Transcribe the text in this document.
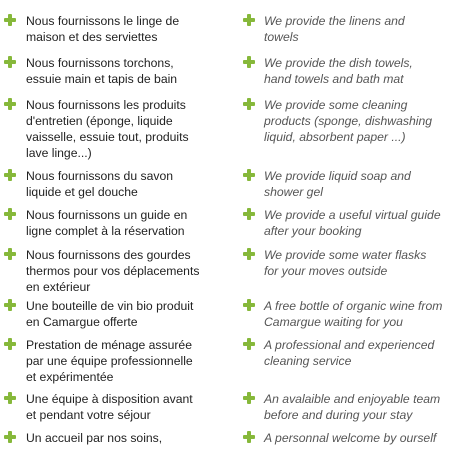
Nous fournissons le linge de
maison et des serviettes
We provide the linens and
towels
Nous fournissons torchons,
essuie main et tapis de bain
We provide the dish towels,
hand towels and bath mat
Nous fournissons les produits
d'entretien (éponge, liquide
vaisselle, essuie tout, produits
lave linge...)
We provide some cleaning
products (sponge, dishwashing
liquid, absorbent paper ...)
Nous fournissons du savon
liquide et gel douche
We provide liquid soap and
shower gel
Nous fournissons un guide en
ligne complet à la réservation
We provide a useful virtual guide
after your booking
Nous fournissons des gourdes
thermos pour vos déplacements
en extérieur
We provide some water flasks
for your moves outside
Une bouteille de vin bio produit
en Camargue offerte
A free bottle of organic wine from
Camargue waiting for you
Prestation de ménage assurée
par une équipe professionnelle
et expérimentée
A professional and experienced
cleaning service
Une équipe à disposition avant
et pendant votre séjour
An avalaible and enjoyable team
before and during your stay
Un accueil par nos soins,	A personnal welcome by ourself
